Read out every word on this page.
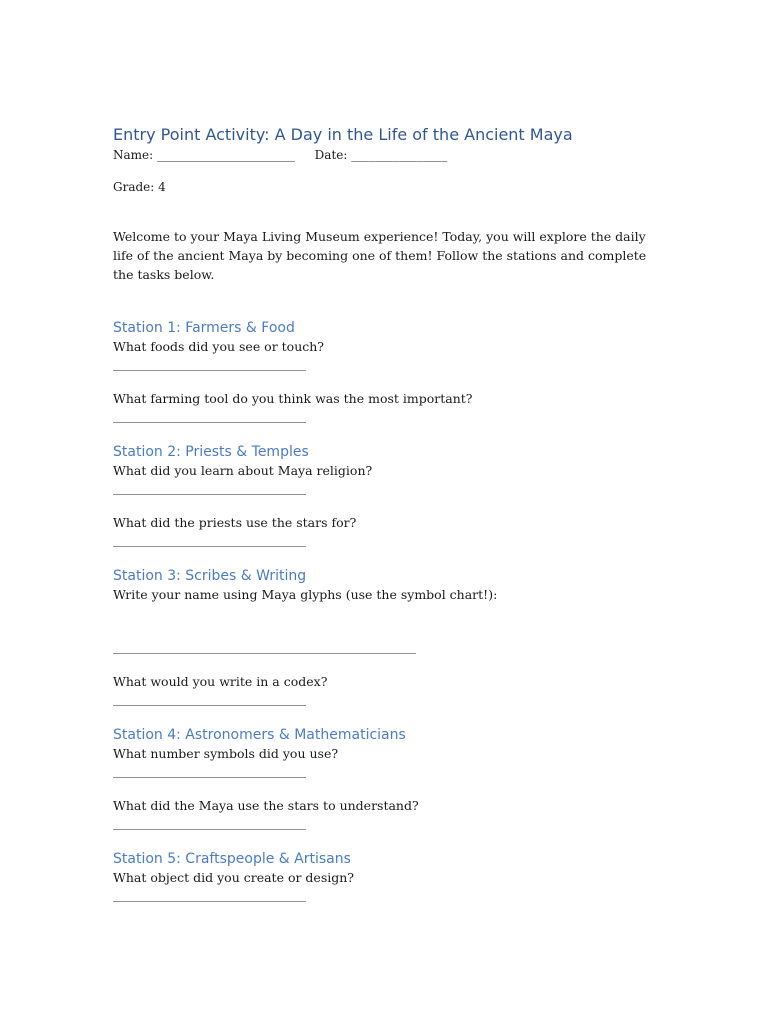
Entry Point Activity: A Day in the Life of the Ancient Maya

Name: _______________________ Date: ________________

Grade: 4

Welcome to your Maya Living Museum experience! Today, you will explore the daily life of the ancient Maya by becoming one of them! Follow the stations and complete the tasks below.

Station 1: Farmers & Food

What foods did you see or touch?

___________________________________

What farming tool do you think was the most important?

___________________________________

Station 2: Priests & Temples

What did you learn about Maya religion?

___________________________________

What did the priests use the stars for?

___________________________________

Station 3: Scribes & Writing

Write your name using Maya glyphs (use the symbol chart!):

_______________________________________________________

What would you write in a codex?

___________________________________

Station 4: Astronomers & Mathematicians

What number symbols did you use?

___________________________________

What did the Maya use the stars to understand?

___________________________________

Station 5: Craftspeople & Artisans

What object did you create or design?

___________________________________
